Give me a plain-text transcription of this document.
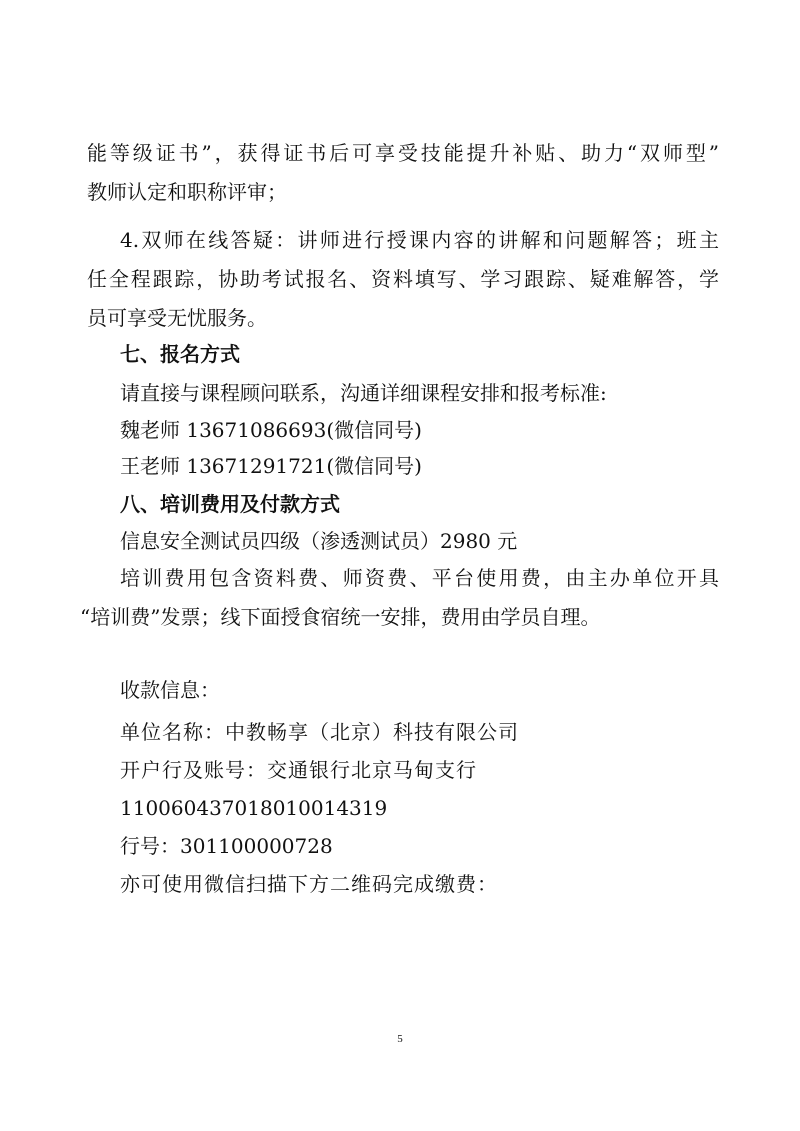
能等级证书”，获得证书后可享受技能提升补贴、助力“双师型”
教师认定和职称评审；
4.双师在线答疑：讲师进行授课内容的讲解和问题解答；班主
任全程跟踪，协助考试报名、资料填写、学习跟踪、疑难解答，学
员可享受无忧服务。
七、报名方式
请直接与课程顾问联系，沟通详细课程安排和报考标准:
魏老师 13671086693(微信同号)
王老师 13671291721(微信同号)
八、培训费用及付款方式
信息安全测试员四级（渗透测试员）2980 元
培训费用包含资料费、师资费、平台使用费，由主办单位开具
“培训费”发票；线下面授食宿统一安排，费用由学员自理。
收款信息：
单位名称：中教畅享（北京）科技有限公司
开户行及账号：交通银行北京马甸支行
110060437018010014319
行号：301100000728
亦可使用微信扫描下方二维码完成缴费：
5
